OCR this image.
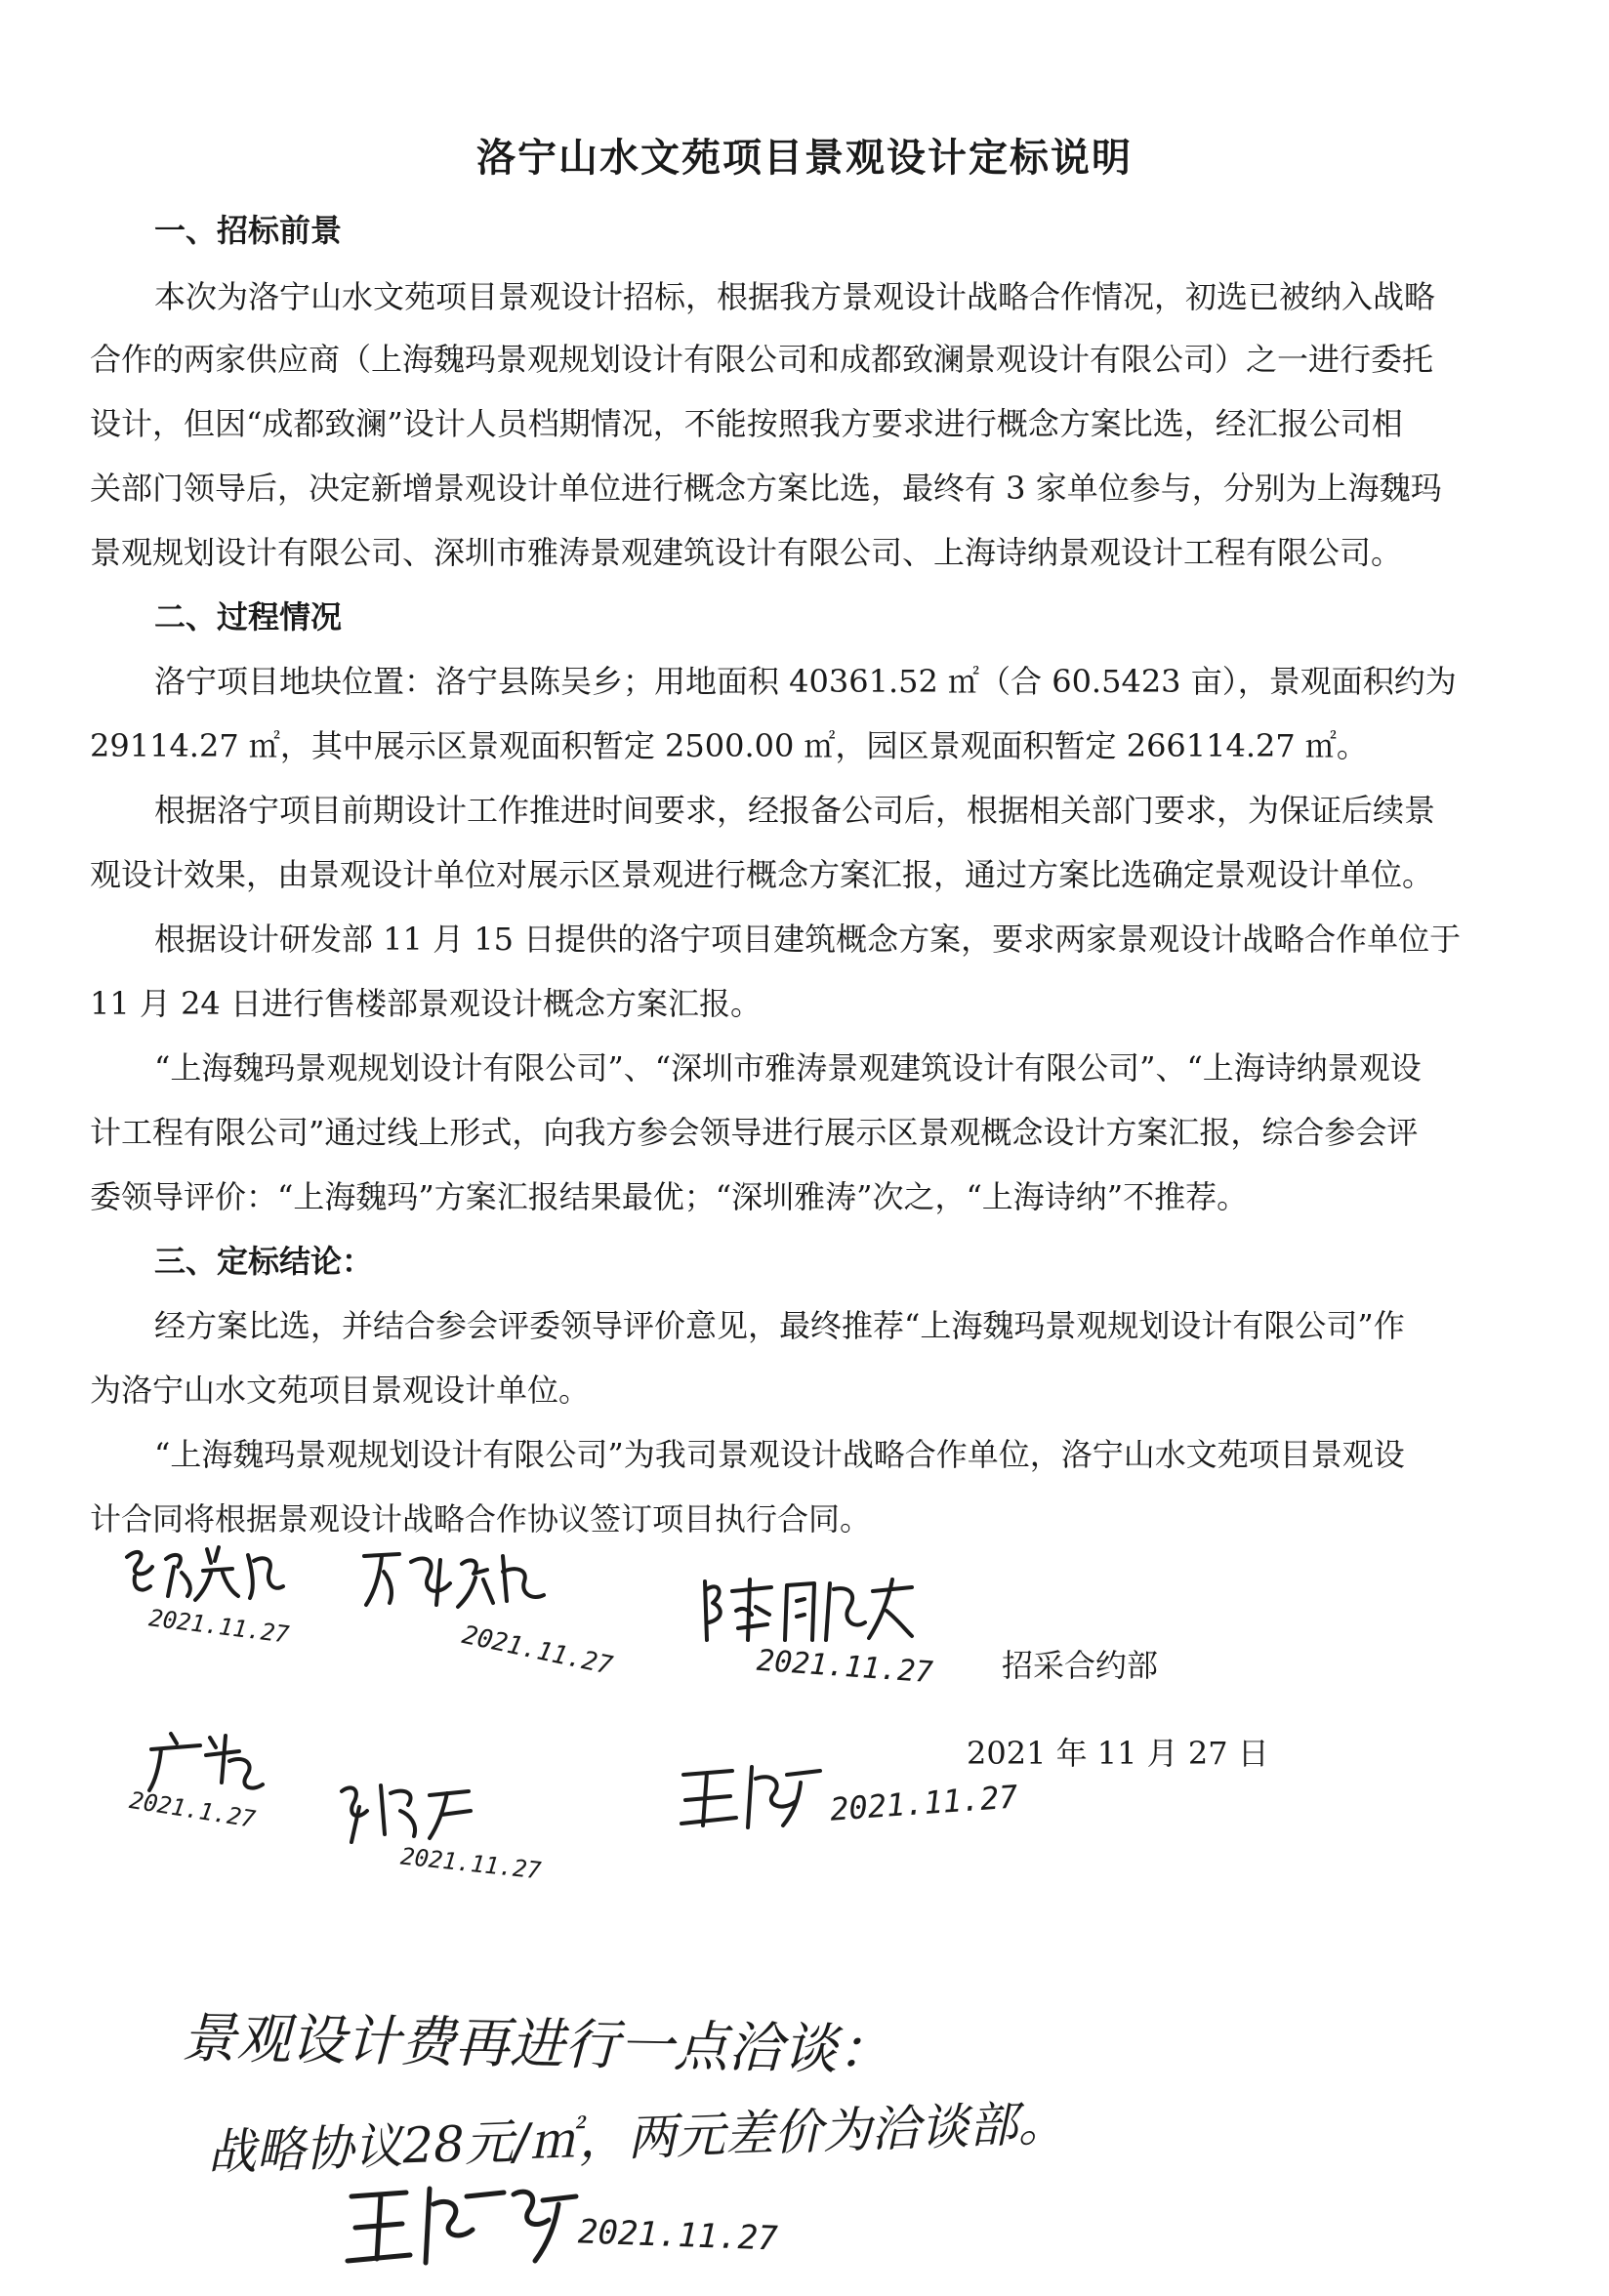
洛宁山水文苑项目景观设计定标说明
一、招标前景
本次为洛宁山水文苑项目景观设计招标，根据我方景观设计战略合作情况，初选已被纳入战略
合作的两家供应商（上海魏玛景观规划设计有限公司和成都致澜景观设计有限公司）之一进行委托
设计，但因“成都致澜”设计人员档期情况，不能按照我方要求进行概念方案比选，经汇报公司相
关部门领导后，决定新增景观设计单位进行概念方案比选，最终有 3 家单位参与，分别为上海魏玛
景观规划设计有限公司、深圳市雅涛景观建筑设计有限公司、上海诗纳景观设计工程有限公司。
二、过程情况
洛宁项目地块位置：洛宁县陈吴乡；用地面积 40361.52 ㎡（合 60.5423 亩），景观面积约为
29114.27 ㎡，其中展示区景观面积暂定 2500.00 ㎡，园区景观面积暂定 266114.27 ㎡。
根据洛宁项目前期设计工作推进时间要求，经报备公司后，根据相关部门要求，为保证后续景
观设计效果，由景观设计单位对展示区景观进行概念方案汇报，通过方案比选确定景观设计单位。
根据设计研发部 11 月 15 日提供的洛宁项目建筑概念方案，要求两家景观设计战略合作单位于
11 月 24 日进行售楼部景观设计概念方案汇报。
“上海魏玛景观规划设计有限公司”、“深圳市雅涛景观建筑设计有限公司”、“上海诗纳景观设
计工程有限公司”通过线上形式，向我方参会领导进行展示区景观概念设计方案汇报，综合参会评
委领导评价：“上海魏玛”方案汇报结果最优；“深圳雅涛”次之，“上海诗纳”不推荐。
三、定标结论：
经方案比选，并结合参会评委领导评价意见，最终推荐“上海魏玛景观规划设计有限公司”作
为洛宁山水文苑项目景观设计单位。
“上海魏玛景观规划设计有限公司”为我司景观设计战略合作单位，洛宁山水文苑项目景观设
计合同将根据景观设计战略合作协议签订项目执行合同。
招采合约部
2021 年 11 月 27 日
2021.11.27	2021.11.27	2021.11.27
2021.1.27
2021.11.27
2021.11.27
景观设计费再进行一点洽谈：
战略协议28元/㎡，两元差价为洽谈部。
2021.11.27
